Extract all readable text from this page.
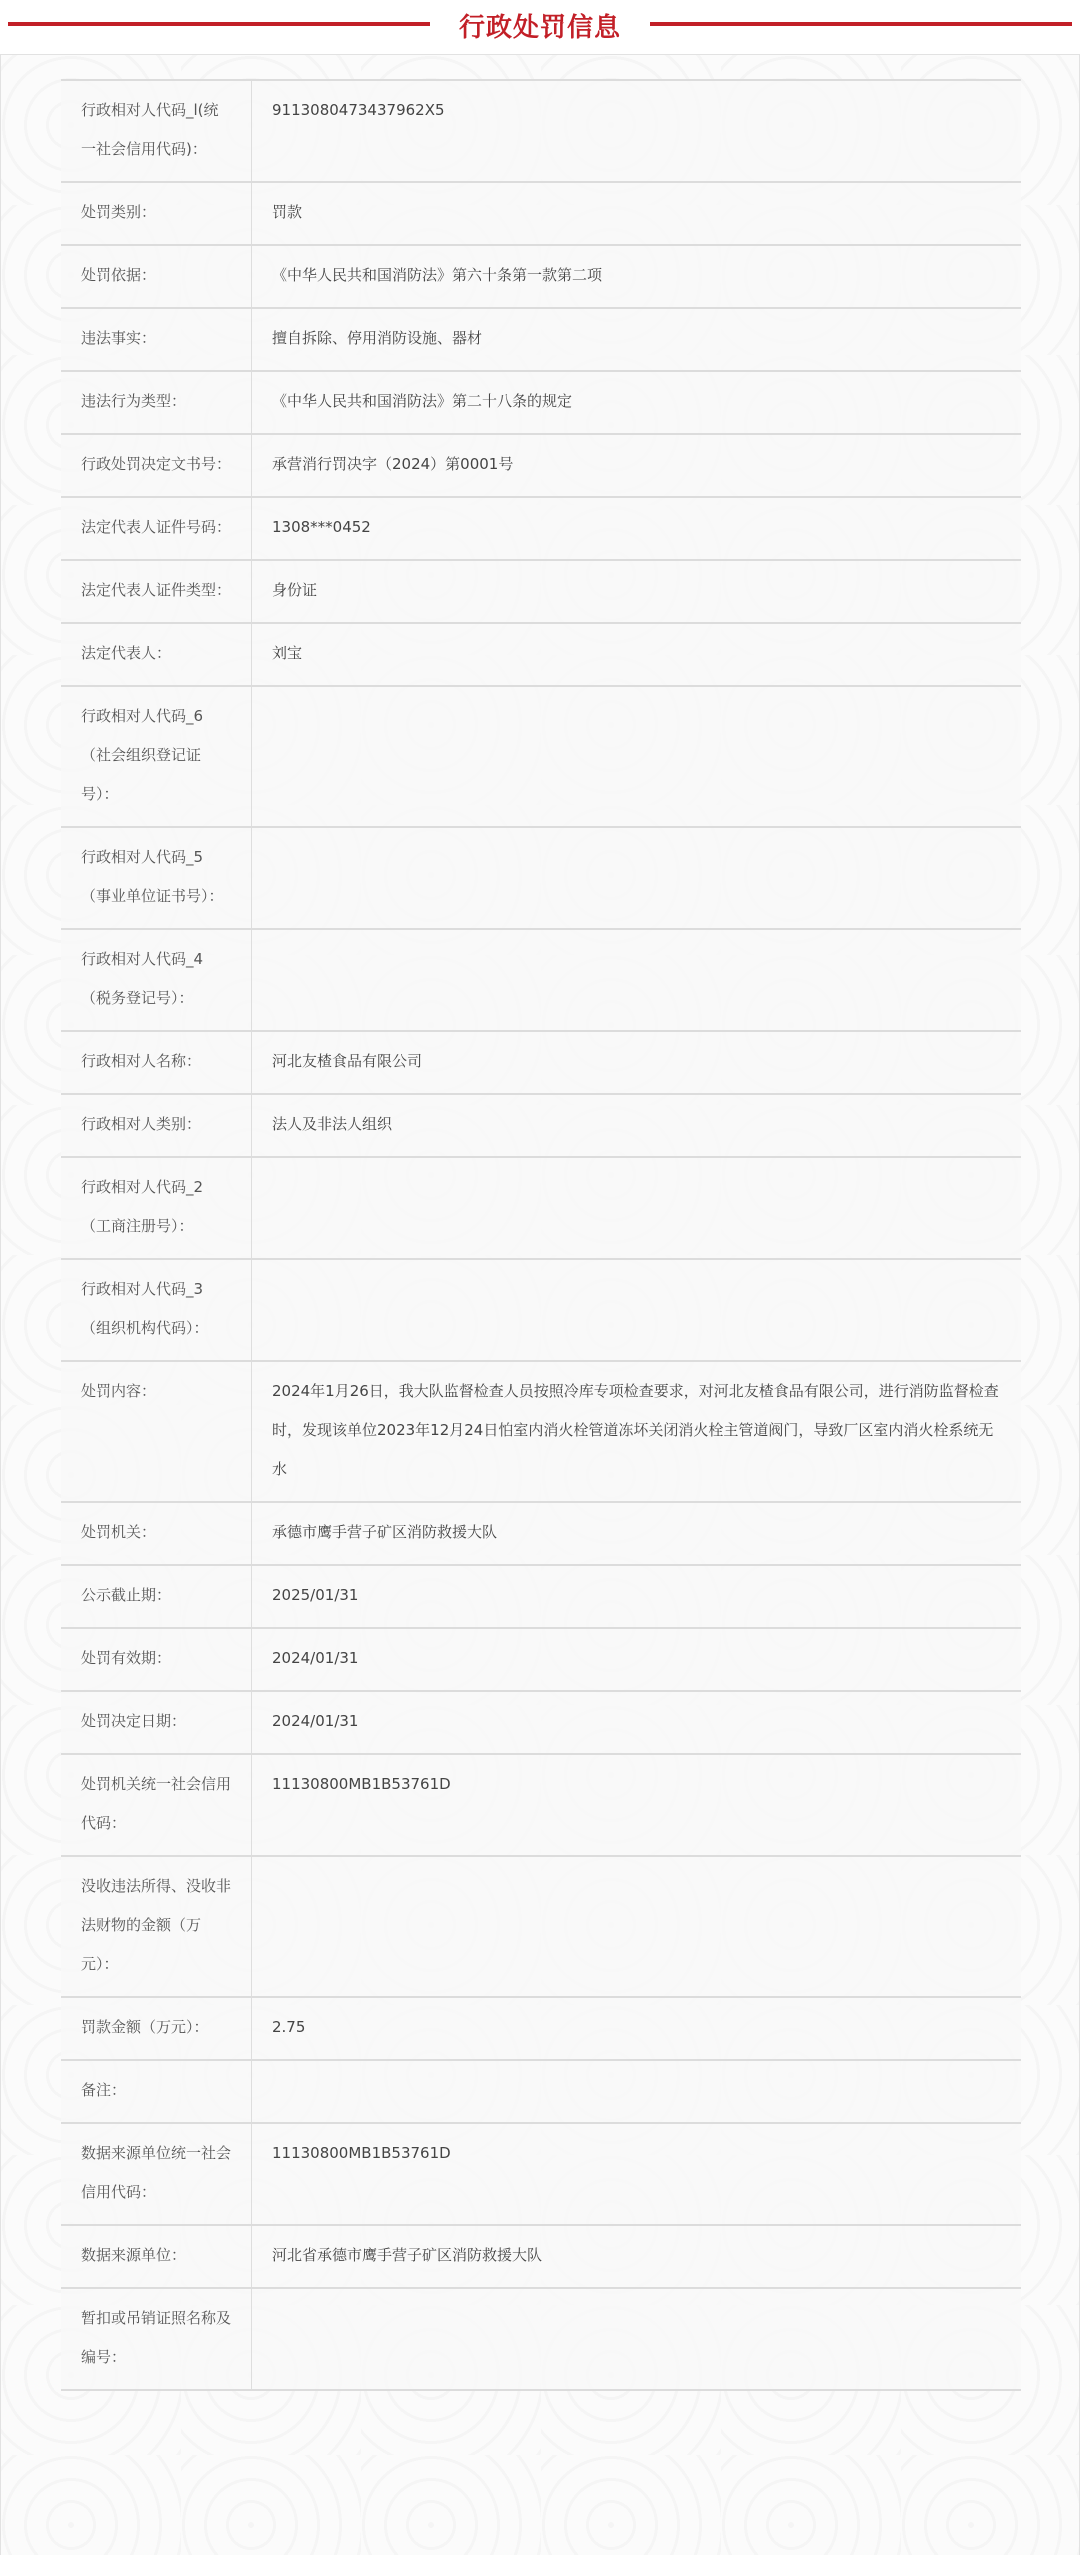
行政处罚信息
行政相对人代码_l(统一社会信用代码)：	911308047343796​2X5
处罚类别：	罚款
处罚依据：	《中华人民共和国消防法》第六十条第一款第二项
违法事实：	擅自拆除、停用消防设施、器材
违法行为类型：	《中华人民共和国消防法》第二十八条的规定
行政处罚决定文书号：	承营消行罚决字（2024）第0001号
法定代表人证件号码：	1308***0452
法定代表人证件类型：	身份证
法定代表人：	刘宝
行政相对人代码_6（社会组织登记证号）：	
行政相对人代码_5（事业单位证书号）：	
行政相对人代码_4（税务登记号）：	
行政相对人名称：	河北友楂食品有限公司
行政相对人类别：	法人及非法人组织
行政相对人代码_2（工商注册号）：	
行政相对人代码_3（组织机构代码）：	
处罚内容：	2024年1月26日，我大队监督检查人员按照冷库专项检查要求，对河北友楂食品有限公司，进行消防监督检查时，发现该单位2023年12月24日怕室内消火栓管道冻坏关闭消火栓主管道阀门，导致厂区室内消火栓系统无水
处罚机关：	承德市鹰手营子矿区消防救援大队
公示截止期：	2025/01/31
处罚有效期：	2024/01/31
处罚决定日期：	2024/01/31
处罚机关统一社会信用代码：	11130800MB1B53761D
没收违法所得、没收非法财物的金额（万元）：	
罚款金额（万元）：	2.75
备注：	
数据来源单位统一社会信用代码：	11130800MB1B53761D
数据来源单位：	河北省承德市鹰手营子矿区消防救援大队
暂扣或吊销证照名称及编号：	
